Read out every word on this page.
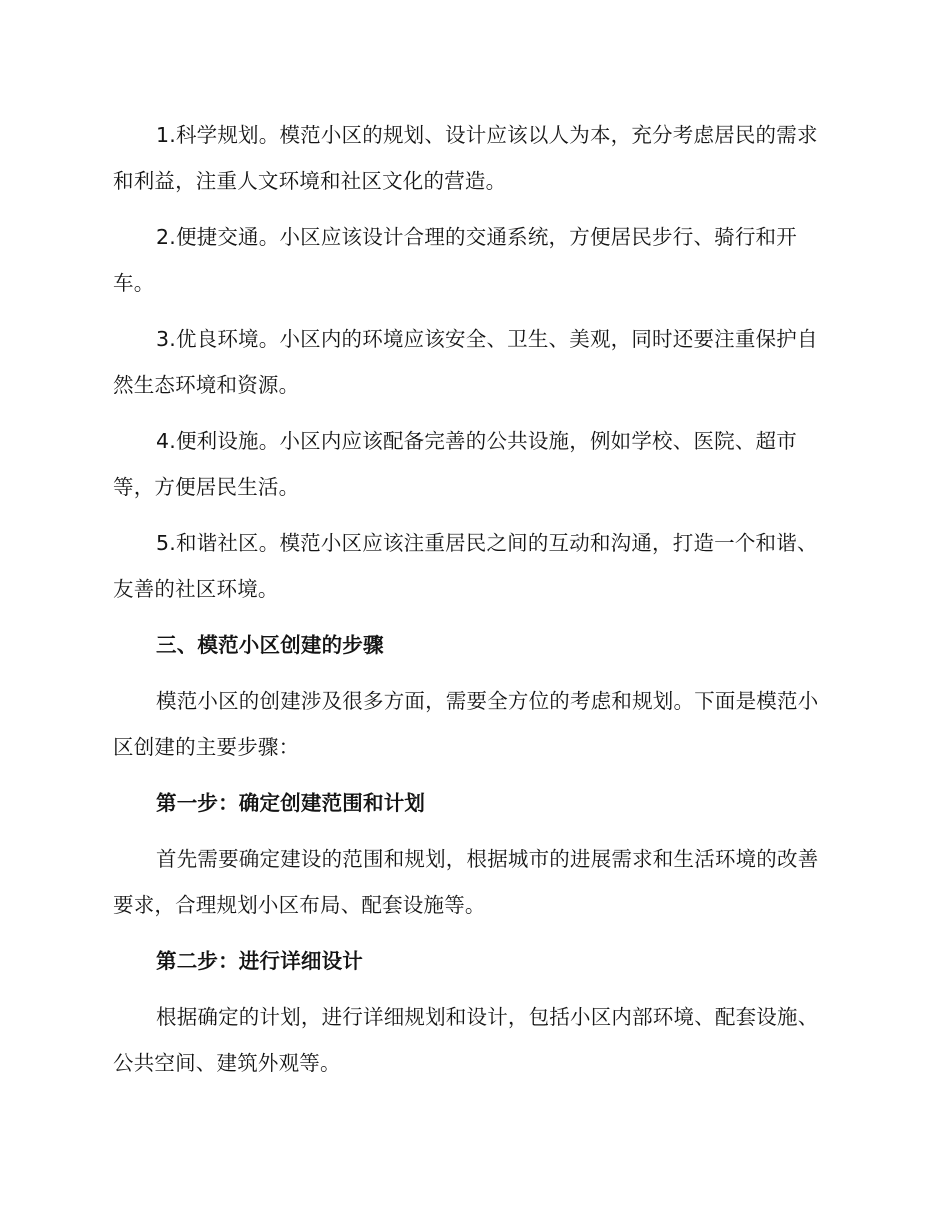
1.科学规划。模范小区的规划、设计应该以人为本，充分考虑居民的需求和利益，注重人文环境和社区文化的营造。

2.便捷交通。小区应该设计合理的交通系统，方便居民步行、骑行和开车。

3.优良环境。小区内的环境应该安全、卫生、美观，同时还要注重保护自然生态环境和资源。

4.便利设施。小区内应该配备完善的公共设施，例如学校、医院、超市等，方便居民生活。

5.和谐社区。模范小区应该注重居民之间的互动和沟通，打造一个和谐、友善的社区环境。

三、模范小区创建的步骤

模范小区的创建涉及很多方面，需要全方位的考虑和规划。下面是模范小区创建的主要步骤：

第一步：确定创建范围和计划

首先需要确定建设的范围和规划，根据城市的进展需求和生活环境的改善要求，合理规划小区布局、配套设施等。

第二步：进行详细设计

根据确定的计划，进行详细规划和设计，包括小区内部环境、配套设施、公共空间、建筑外观等。
